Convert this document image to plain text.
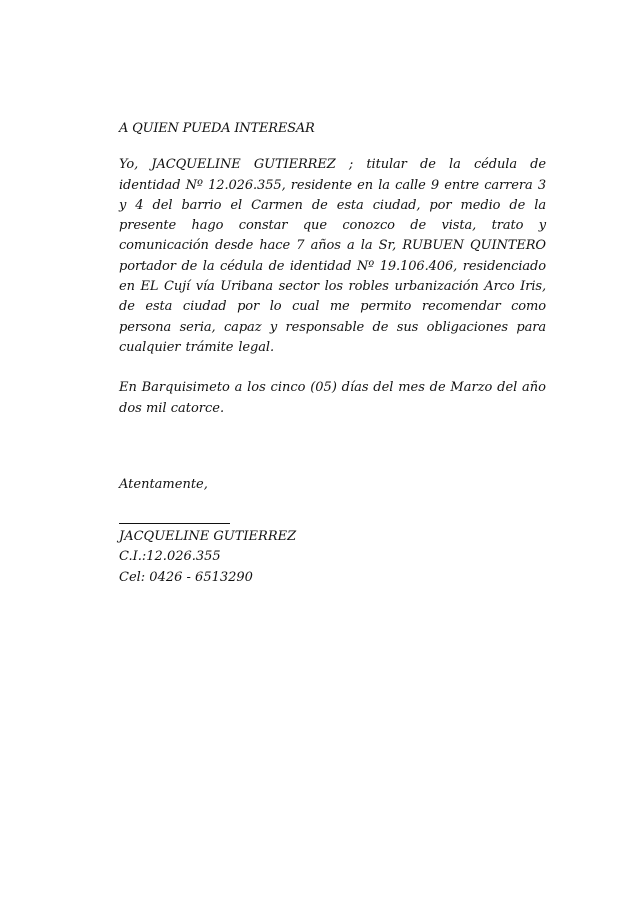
A QUIEN PUEDA INTERESAR

Yo, JACQUELINE GUTIERREZ ; titular de la cédula de identidad Nº 12.026.355, residente en la calle 9 entre carrera 3 y 4 del barrio el Carmen de esta ciudad, por medio de la presente hago constar que conozco de vista, trato y comunicación desde hace 7 años a la Sr, RUBUEN QUINTERO portador de la cédula de identidad Nº 19.106.406, residenciado en EL Cují vía Uribana sector los robles urbanización Arco Iris, de esta ciudad por lo cual me permito recomendar como persona seria, capaz y responsable de sus obligaciones para cualquier trámite legal.

En Barquisimeto a los cinco (05) días del mes de Marzo del año dos mil catorce.

Atentamente,
JACQUELINE GUTIERREZ
C.I.:12.026.355
Cel: 0426 - 6513290
